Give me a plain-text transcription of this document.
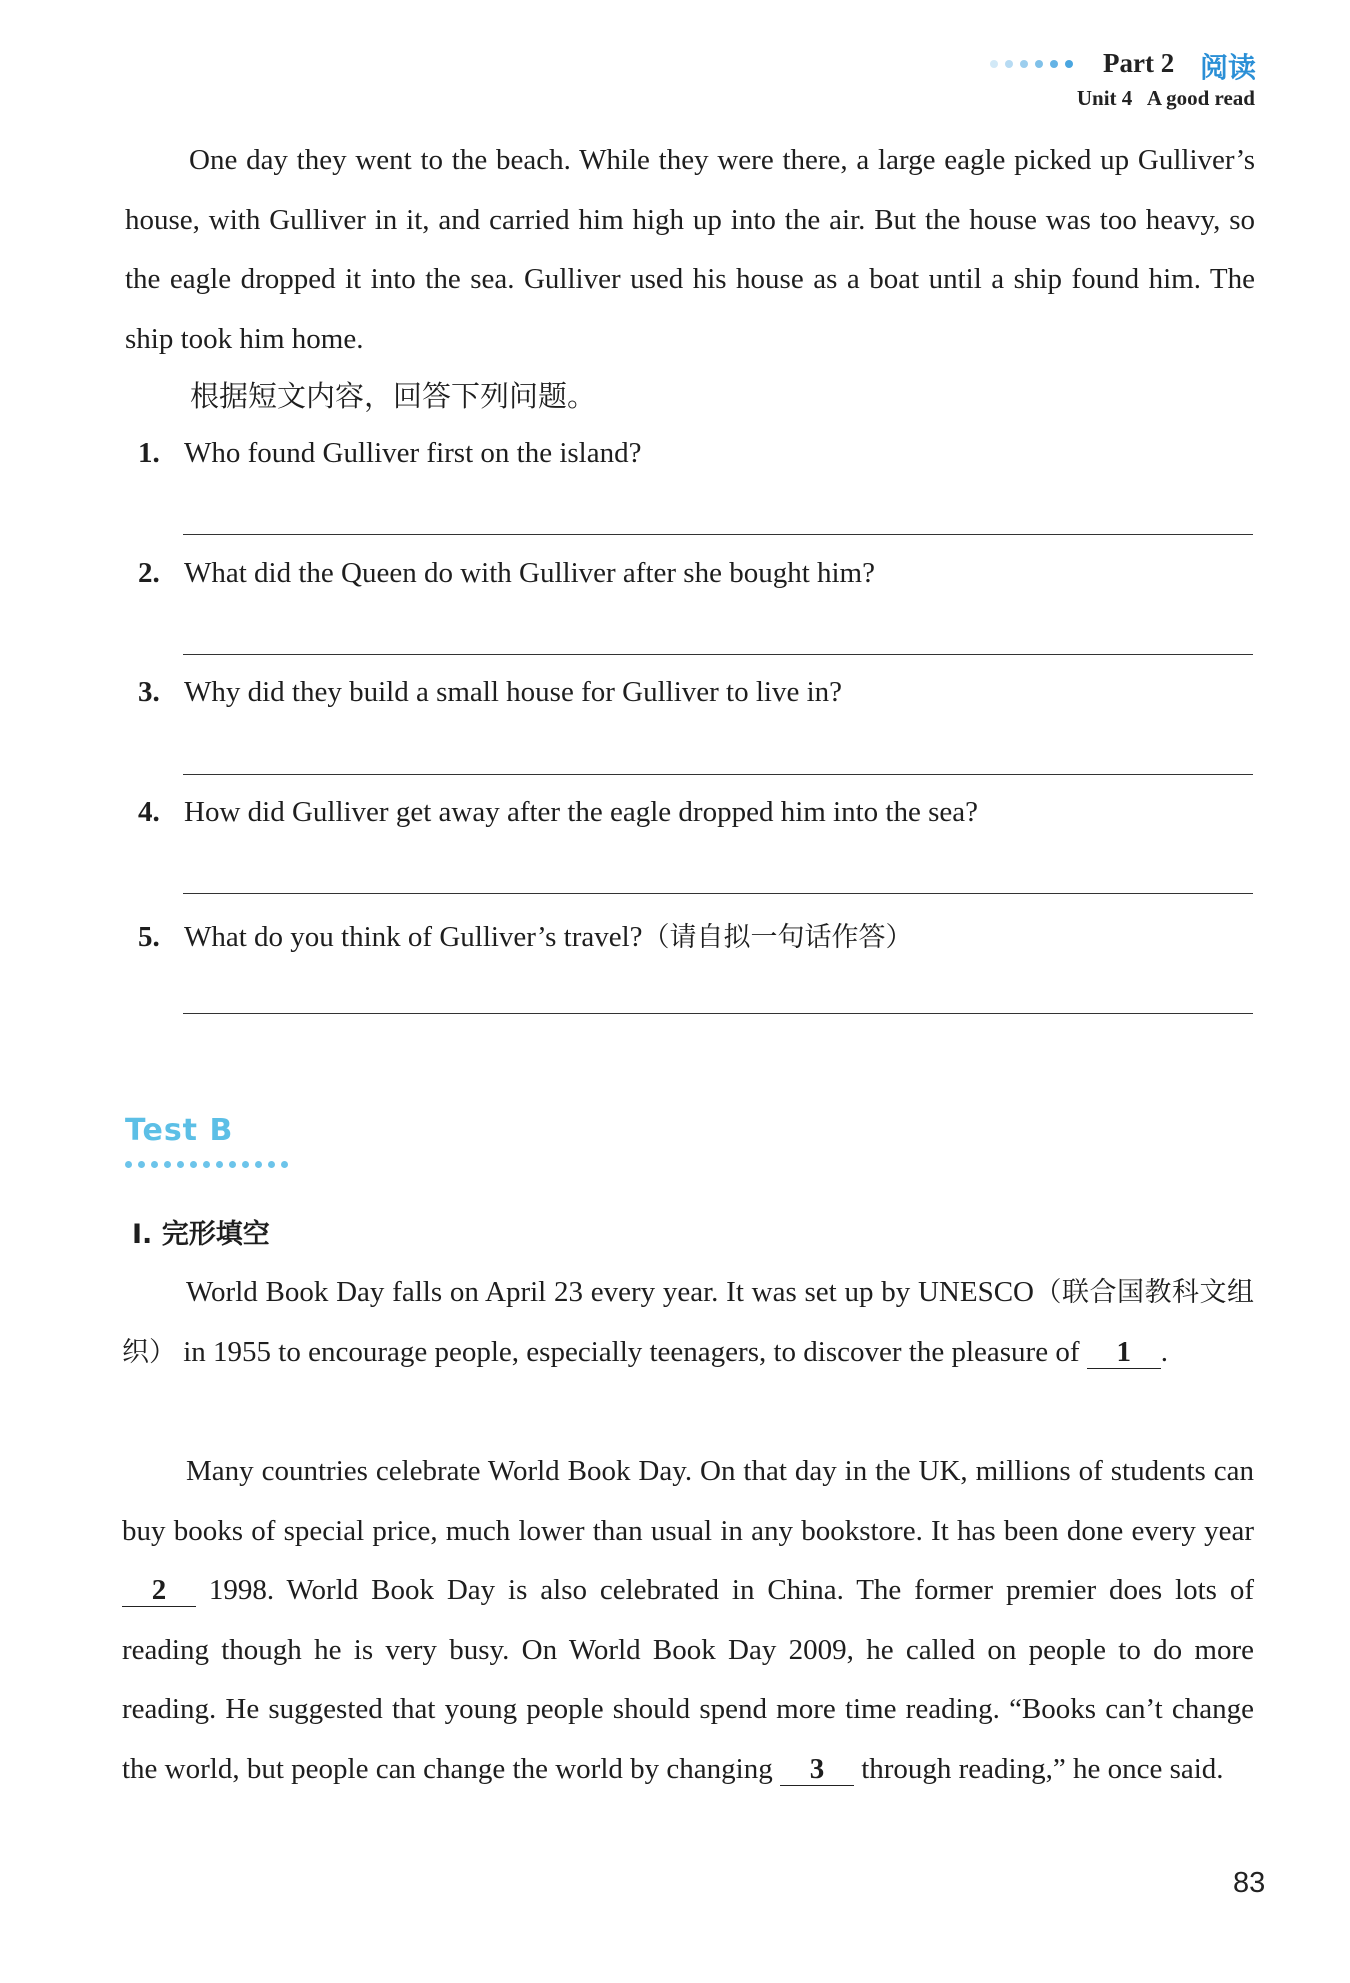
Part 2 阅读
Unit 4   A good read

One day they went to the beach. While they were there, a large eagle picked up Gulliver’s house, with Gulliver in it, and carried him high up into the air. But the house was too heavy, so the eagle dropped it into the sea. Gulliver used his house as a boat until a ship found him. The ship took him home.

根据短文内容，回答下列问题。
1. Who found Gulliver first on the island?
2. What did the Queen do with Gulliver after she bought him?
3. Why did they build a small house for Gulliver to live in?
4. How did Gulliver get away after the eagle dropped him into the sea?
5. What do you think of Gulliver’s travel?（请自拟一句话作答）
Test B
Ⅰ. 完形填空

World Book Day falls on April 23 every year. It was set up by UNESCO（联合国教科文组织） in 1955 to encourage people, especially teenagers, to discover the pleasure of 1 .

Many countries celebrate World Book Day. On that day in the UK, millions of students can buy books of special price, much lower than usual in any bookstore. It has been done every year 2 1998. World Book Day is also celebrated in China. The former premier does lots of reading though he is very busy. On World Book Day 2009, he called on people to do more reading. He suggested that young people should spend more time reading. “Books can’t change the world, but people can change the world by changing 3 through reading,” he once said.

83
